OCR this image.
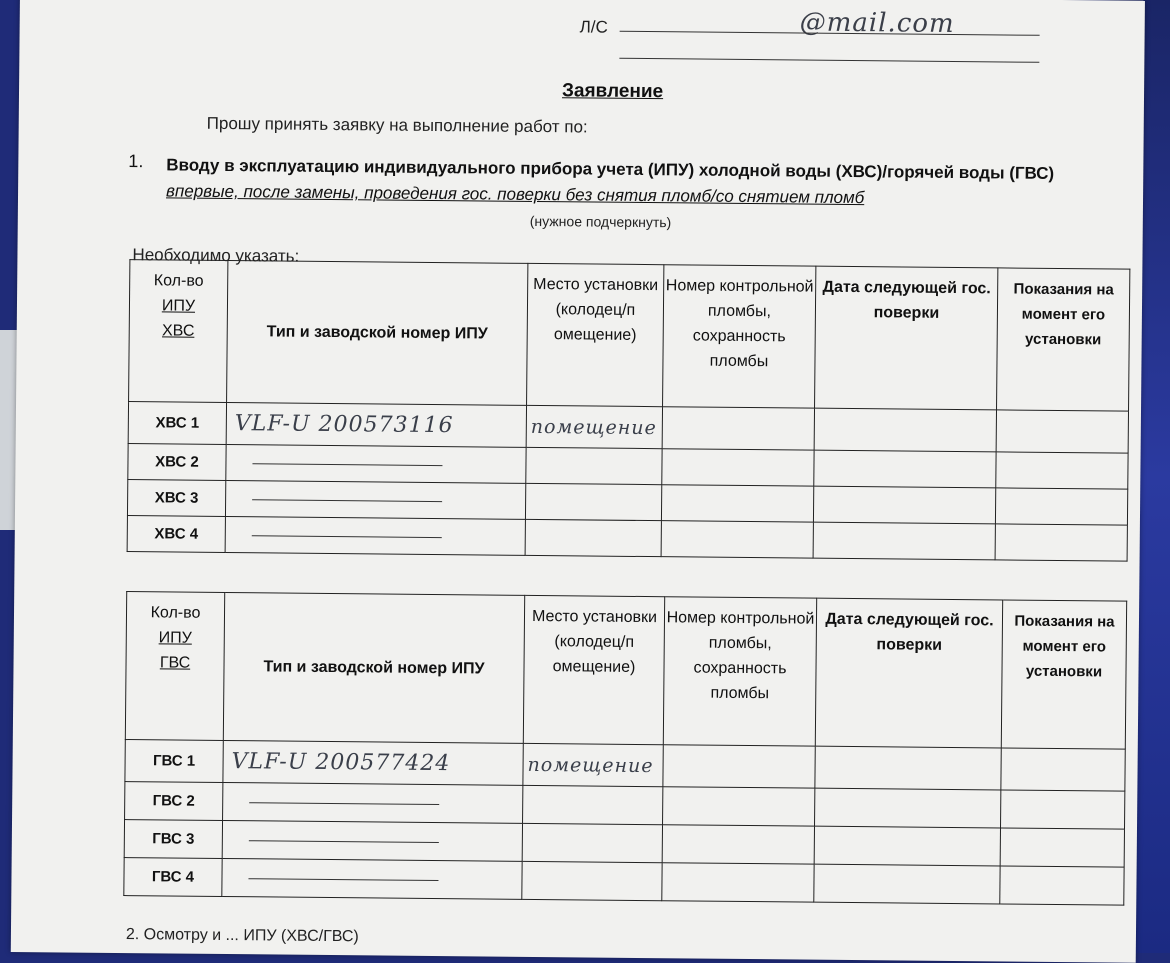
@mail.com
Л/С
Заявление
Прошу принять заявку на выполнение работ по:
1. Вводу в эксплуатацию индивидуального прибора учета (ИПУ) холодной воды (ХВС)/горячей воды (ГВС) впервые, после замены, проведения гос. поверки без снятия пломб/со снятием пломб
(нужное подчеркнуть)
Необходимо указать:
Кол-во
ИПУ
ХВС	Тип и заводской номер ИПУ	Место установки (колодец/п омещение)	Номер контрольной пломбы, сохранность пломбы	Дата следующей гос. поверки	Показания на момент его установки
ХВС 1	VLF-U 200573116	помещение			
ХВС 2					
ХВС 3					
ХВС 4					
Кол-во
ИПУ
ГВС	Тип и заводской номер ИПУ	Место установки (колодец/п омещение)	Номер контрольной пломбы, сохранность пломбы	Дата следующей гос. поверки	Показания на момент его установки
ГВС 1	VLF-U 200577424	помещение			
ГВС 2					
ГВС 3					
ГВС 4					
2. Осмотру и ... ИПУ (ХВС/ГВС)
